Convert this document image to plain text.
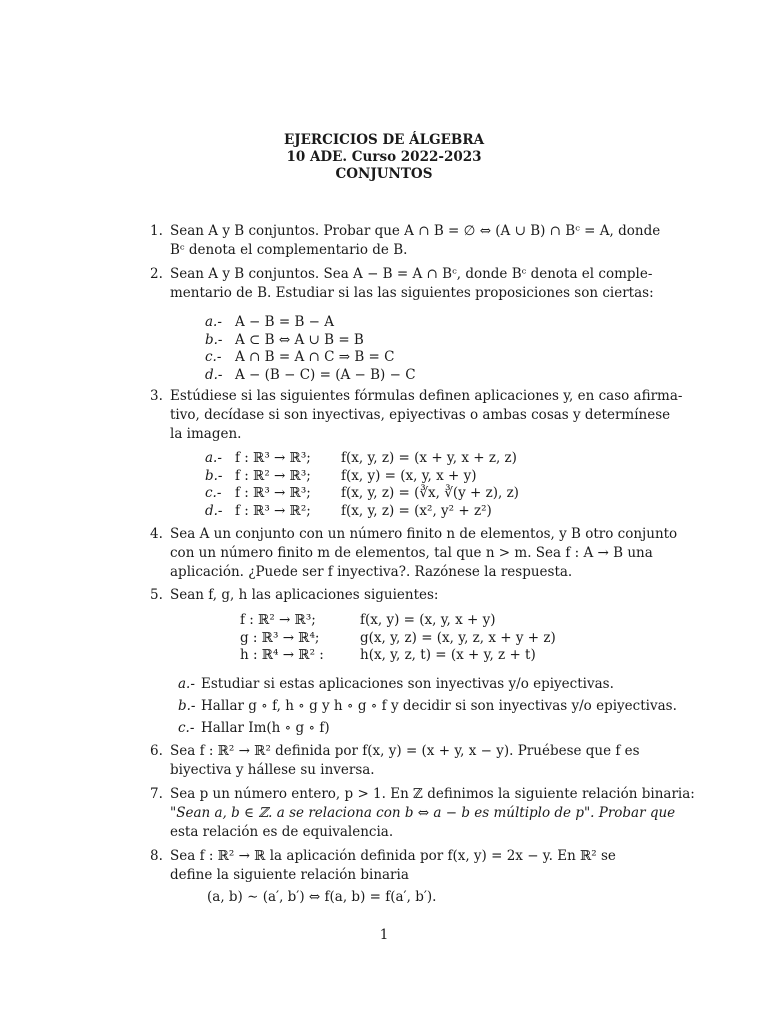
EJERCICIOS DE ÁLGEBRA
10 ADE. Curso 2022-2023
CONJUNTOS
1. Sean A y B conjuntos. Probar que A ∩ B = ∅ ⇔ (A ∪ B) ∩ Bᶜ = A, donde
Bᶜ denota el complementario de B.
2. Sean A y B conjuntos. Sea A − B = A ∩ Bᶜ, donde Bᶜ denota el comple-
mentario de B. Estudiar si las las siguientes proposiciones son ciertas:
a.- A − B = B − A
b.- A ⊂ B ⇔ A ∪ B = B
c.- A ∩ B = A ∩ C ⇒ B = C
d.- A − (B − C) = (A − B) − C
3. Estúdiese si las siguientes fórmulas definen aplicaciones y, en caso afirma-
tivo, decídase si son inyectivas, epiyectivas o ambas cosas y determínese
la imagen.
a.- f : ℝ³ → ℝ³; f(x, y, z) = (x + y, x + z, z)
b.- f : ℝ² → ℝ³; f(x, y) = (x, y, x + y)
c.- f : ℝ³ → ℝ³; f(x, y, z) = (∛x, ∛(y + z), z)
d.- f : ℝ³ → ℝ²; f(x, y, z) = (x², y² + z²)
4. Sea A un conjunto con un número finito n de elementos, y B otro conjunto
con un número finito m de elementos, tal que n > m. Sea f : A → B una
aplicación. ¿Puede ser f inyectiva?. Razónese la respuesta.
5. Sean f, g, h las aplicaciones siguientes:
f : ℝ² → ℝ³;	f(x, y) = (x, y, x + y)
g : ℝ³ → ℝ⁴;	g(x, y, z) = (x, y, z, x + y + z)
h : ℝ⁴ → ℝ² :	h(x, y, z, t) = (x + y, z + t)
a.- Estudiar si estas aplicaciones son inyectivas y/o epiyectivas.
b.- Hallar g ∘ f, h ∘ g y h ∘ g ∘ f y decidir si son inyectivas y/o epiyectivas.
c.- Hallar Im(h ∘ g ∘ f)
6. Sea f : ℝ² → ℝ² definida por f(x, y) = (x + y, x − y). Pruébese que f es
biyectiva y hállese su inversa.
7. Sea p un número entero, p > 1. En ℤ definimos la siguiente relación binaria:
"Sean a, b ∈ ℤ. a se relaciona con b ⇔ a − b es múltiplo de p". Probar que
esta relación es de equivalencia.
8. Sea f : ℝ² → ℝ la aplicación definida por f(x, y) = 2x − y. En ℝ² se
define la siguiente relación binaria
(a, b) ∼ (a′, b′) ⇔ f(a, b) = f(a′, b′).
1
